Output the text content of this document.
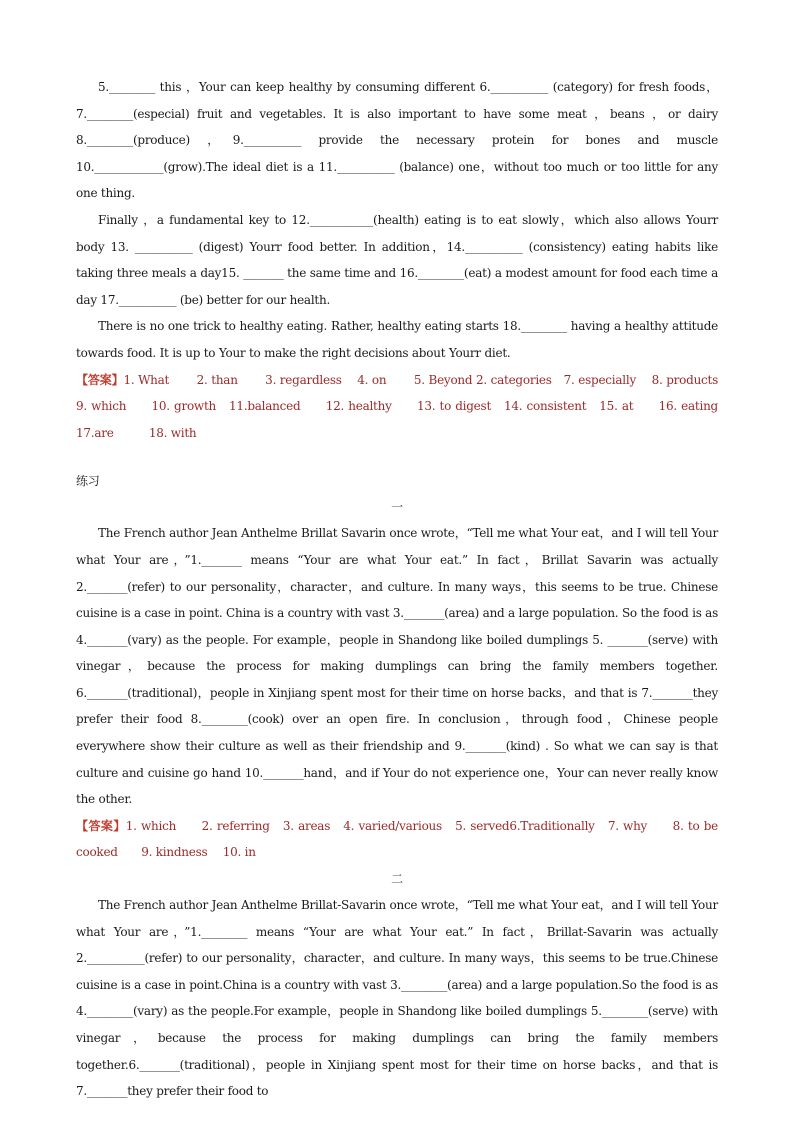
5.________ this ，Your can keep healthy by consuming different 6.__________ (category) for fresh foods，7.________(especial) fruit and vegetables. It is also important to have some meat ，beans ，or dairy 8.________(produce) ，9.__________ provide the necessary protein for bones and muscle 10.____________(grow).The ideal diet is a 11.__________ (balance) one，without too much or too little for any one thing.

Finally ，a fundamental key to 12.___________(health) eating is to eat slowly，which also allows Yourr body 13. __________ (digest) Yourr food better. In addition，14.__________ (consistency) eating habits like taking three meals a day15. _______ the same time and 16.________(eat) a modest amount for food each time a day 17.__________ (be) better for our health.

There is no one trick to healthy eating. Rather, healthy eating starts 18.________ having a healthy attitude towards food. It is up to Your to make the right decisions about Yourr diet.

【答案】1. What　　 2. than　　 3. regardless　 4. on　　 5. Beyond 2. categories　7. especially　 8. products　　9. which　　10. growth　11.balanced　　12. healthy　　13. to digest　14. consistent　15. at　　16. eating　　17.are　　　18. with

练习

一

The French author Jean Anthelme Brillat Savarin once wrote，“Tell me what Your eat，and I will tell Your what Your are，”1._______ means “Your are what Your eat.” In fact，Brillat Savarin was actually 2._______(refer) to our personality，character，and culture. In many ways，this seems to be true. Chinese cuisine is a case in point. China is a country with vast 3._______(area) and a large population. So the food is as 4._______(vary) as the people. For example，people in Shandong like boiled dumplings 5. _______(serve) with vinegar，because the process for making dumplings can bring the family members together. 6._______(traditional)，people in Xinjiang spent most for their time on horse backs，and that is 7._______they prefer their food 8.________(cook) over an open fire. In conclusion，through food，Chinese people everywhere show their culture as well as their friendship and 9._______(kind) . So what we can say is that culture and cuisine go hand 10._______hand，and if Your do not experience one，Your can never really know the other.

【答案】1. which　　2. referring　3. areas　4. varied/various　5. served6.Traditionally　7. why　　8. to be cooked　　9. kindness　 10. in

二

The French author Jean Anthelme Brillat-Savarin once wrote，“Tell me what Your eat，and I will tell Your what Your are，”1.________ means “Your are what Your eat.” In fact，Brillat-Savarin was actually 2.__________(refer) to our personality，character，and culture. In many ways，this seems to be true.Chinese cuisine is a case in point.China is a country with vast 3.________(area) and a large population.So the food is as 4.________(vary) as the people.For example，people in Shandong like boiled dumplings 5.________(serve) with vinegar，because the process for making dumplings can bring the family members together.6._______(traditional)，people in Xinjiang spent most for their time on horse backs，and that is 7._______they prefer their food to
